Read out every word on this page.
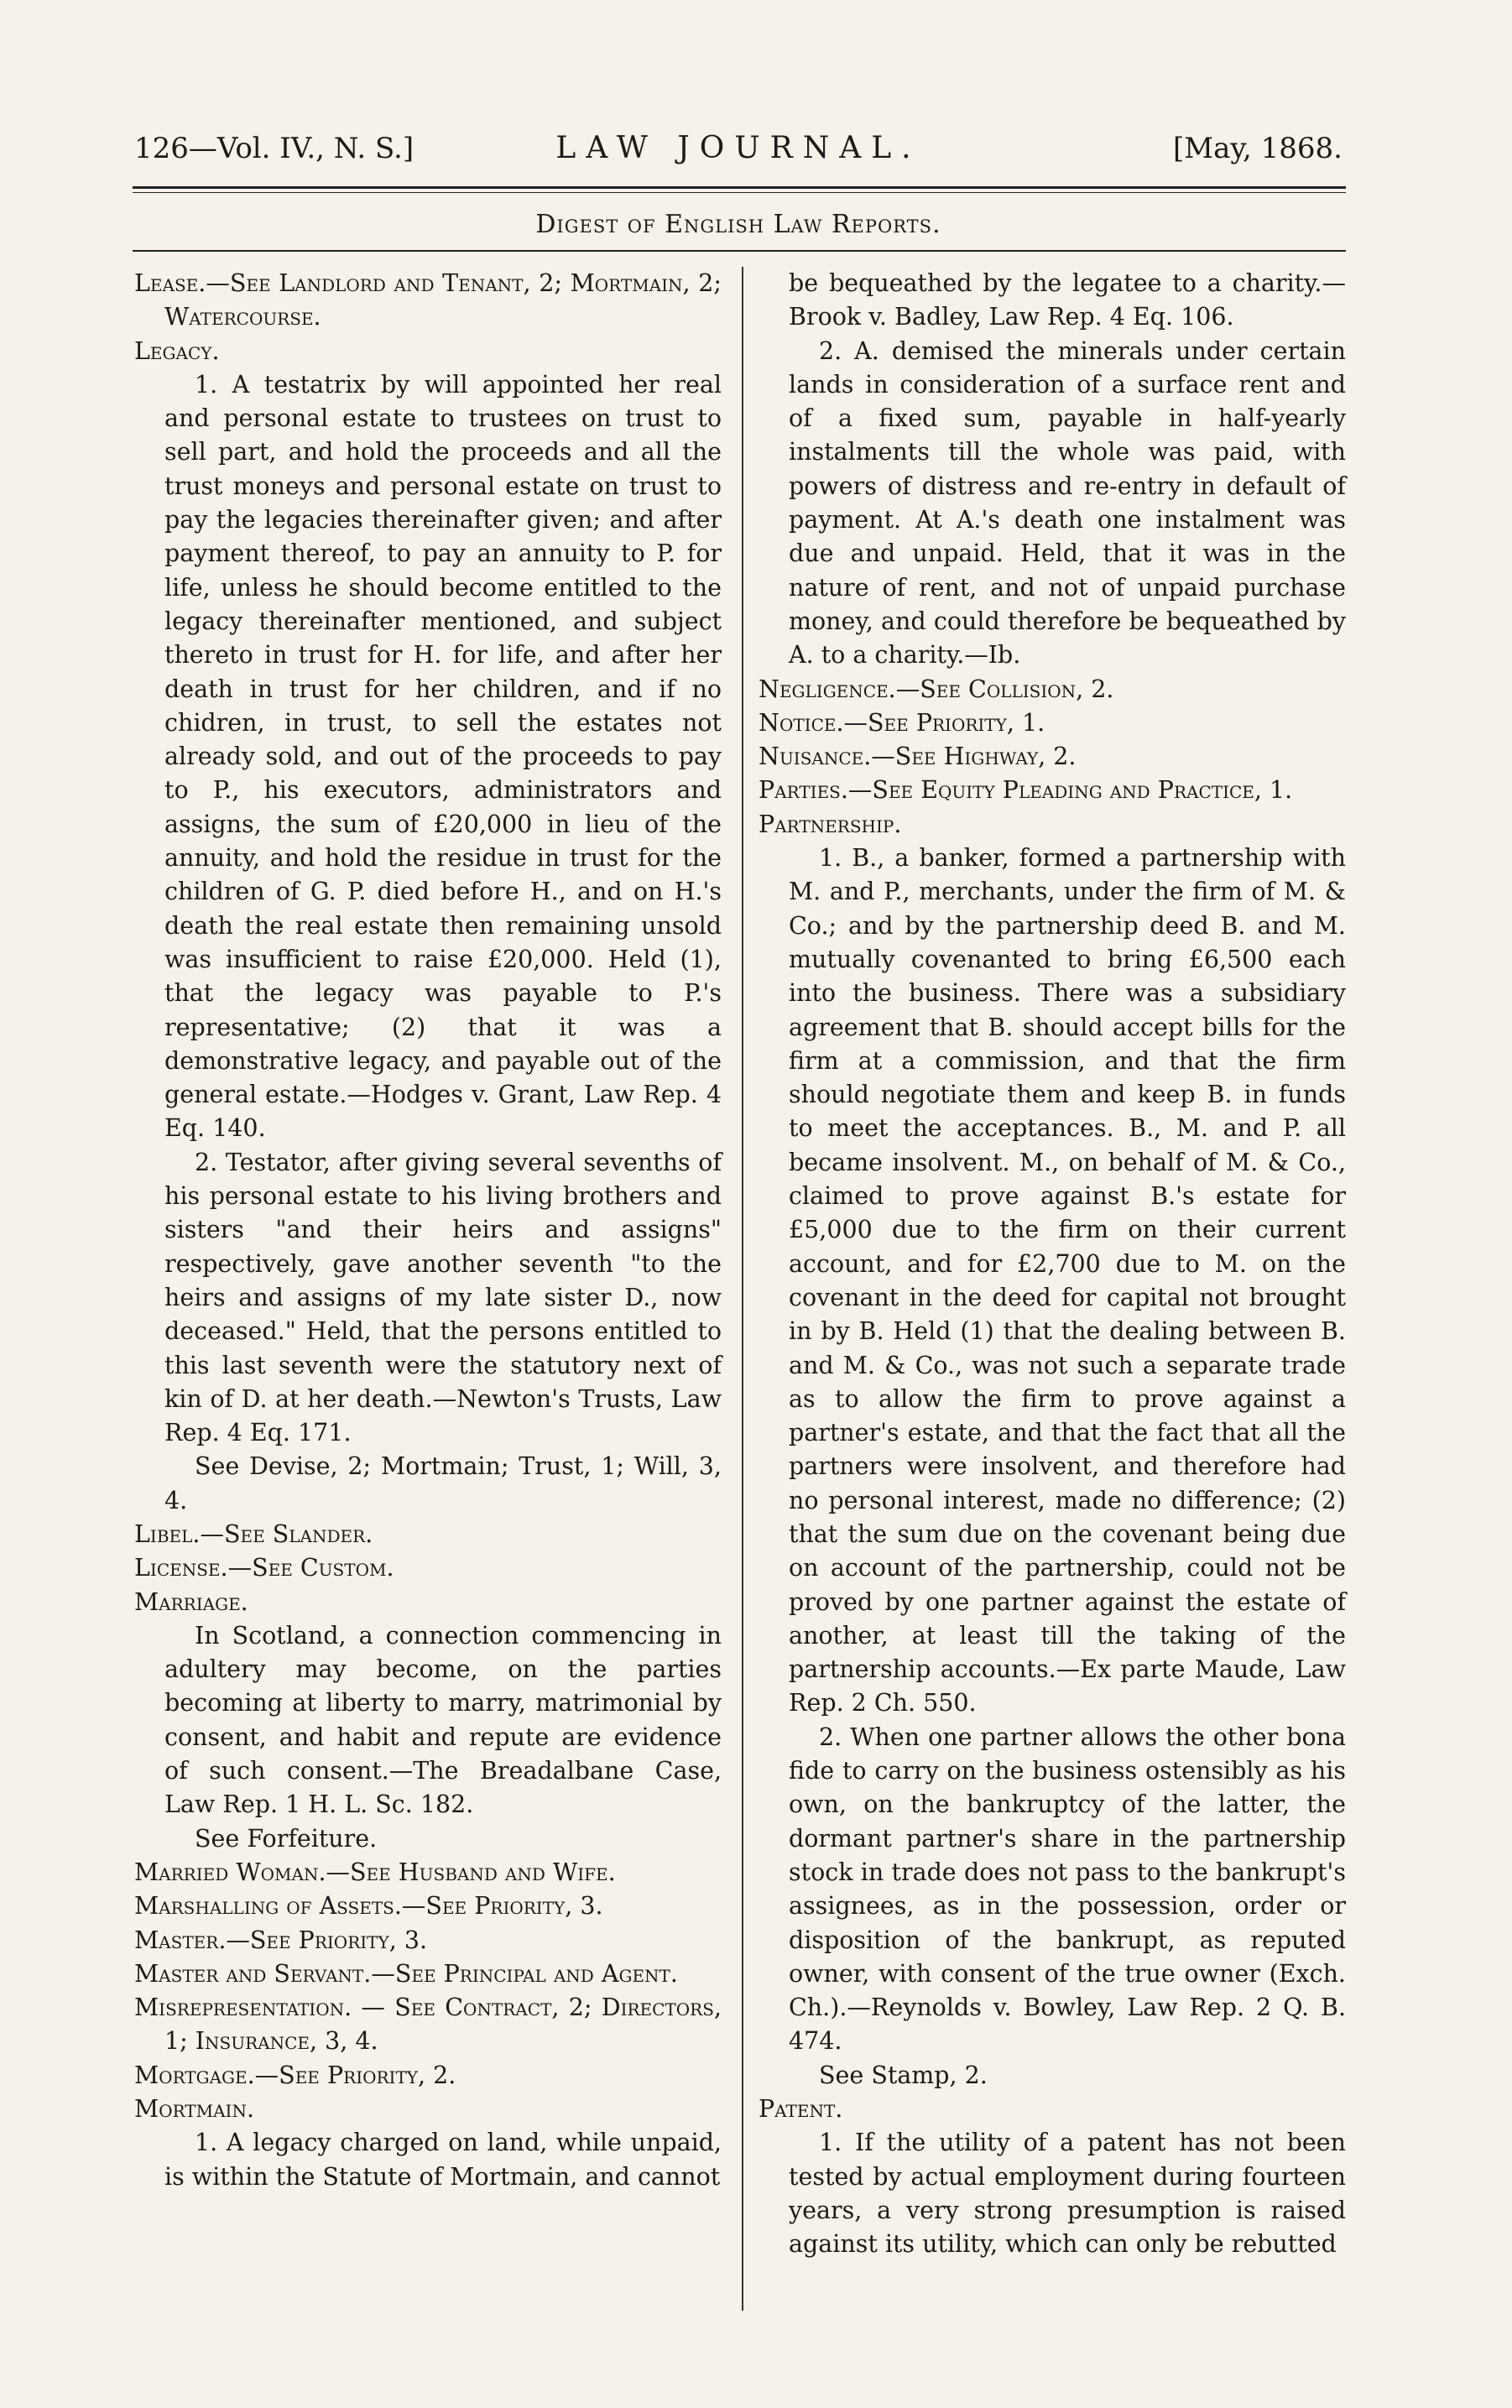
126—Vol. IV., N. S.]	LAW JOURNAL.	[May, 1868.
Digest of English Law Reports.

Lease.—See Landlord and Tenant, 2; Mortmain, 2; Watercourse.

Legacy.

1. A testatrix by will appointed her real and personal estate to trustees on trust to sell part, and hold the proceeds and all the trust moneys and personal estate on trust to pay the legacies thereinafter given; and after payment thereof, to pay an annuity to P. for life, unless he should become entitled to the legacy thereinafter mentioned, and subject thereto in trust for H. for life, and after her death in trust for her children, and if no chidren, in trust, to sell the estates not already sold, and out of the proceeds to pay to P., his executors, administrators and assigns, the sum of £20,000 in lieu of the annuity, and hold the residue in trust for the children of G. P. died before H., and on H.'s death the real estate then remaining unsold was insufficient to raise £20,000. Held (1), that the legacy was payable to P.'s representative; (2) that it was a demonstrative legacy, and payable out of the general estate.—Hodges v. Grant, Law Rep. 4 Eq. 140.

2. Testator, after giving several sevenths of his personal estate to his living brothers and sisters "and their heirs and assigns" respectively, gave another seventh "to the heirs and assigns of my late sister D., now deceased." Held, that the persons entitled to this last seventh were the statutory next of kin of D. at her death.—Newton's Trusts, Law Rep. 4 Eq. 171.

See Devise, 2; Mortmain; Trust, 1; Will, 3, 4.

Libel.—See Slander.

License.—See Custom.

Marriage.

In Scotland, a connection commencing in adultery may become, on the parties becoming at liberty to marry, matrimonial by consent, and habit and repute are evidence of such consent.—The Breadalbane Case, Law Rep. 1 H. L. Sc. 182.

See Forfeiture.

Married Woman.—See Husband and Wife.

Marshalling of Assets.—See Priority, 3.

Master.—See Priority, 3.

Master and Servant.—See Principal and Agent.

Misrepresentation. — See Contract, 2; Directors, 1; Insurance, 3, 4.

Mortgage.—See Priority, 2.

Mortmain.

1. A legacy charged on land, while unpaid, is within the Statute of Mortmain, and cannot

be bequeathed by the legatee to a charity.—Brook v. Badley, Law Rep. 4 Eq. 106.

2. A. demised the minerals under certain lands in consideration of a surface rent and of a fixed sum, payable in half-yearly instalments till the whole was paid, with powers of distress and re-entry in default of payment. At A.'s death one instalment was due and unpaid. Held, that it was in the nature of rent, and not of unpaid purchase money, and could therefore be bequeathed by A. to a charity.—Ib.

Negligence.—See Collision, 2.

Notice.—See Priority, 1.

Nuisance.—See Highway, 2.

Parties.—See Equity Pleading and Practice, 1.

Partnership.

1. B., a banker, formed a partnership with M. and P., merchants, under the firm of M. & Co.; and by the partnership deed B. and M. mutually covenanted to bring £6,500 each into the business. There was a subsidiary agreement that B. should accept bills for the firm at a commission, and that the firm should negotiate them and keep B. in funds to meet the acceptances. B., M. and P. all became insolvent. M., on behalf of M. & Co., claimed to prove against B.'s estate for £5,000 due to the firm on their current account, and for £2,700 due to M. on the covenant in the deed for capital not brought in by B. Held (1) that the dealing between B. and M. & Co., was not such a separate trade as to allow the firm to prove against a partner's estate, and that the fact that all the partners were insolvent, and therefore had no personal interest, made no difference; (2) that the sum due on the covenant being due on account of the partnership, could not be proved by one partner against the estate of another, at least till the taking of the partnership accounts.—Ex parte Maude, Law Rep. 2 Ch. 550.

2. When one partner allows the other bona fide to carry on the business ostensibly as his own, on the bankruptcy of the latter, the dormant partner's share in the partnership stock in trade does not pass to the bankrupt's assignees, as in the possession, order or disposition of the bankrupt, as reputed owner, with consent of the true owner (Exch. Ch.).—Reynolds v. Bowley, Law Rep. 2 Q. B. 474.

See Stamp, 2.

Patent.

1. If the utility of a patent has not been tested by actual employment during fourteen years, a very strong presumption is raised against its utility, which can only be rebutted
